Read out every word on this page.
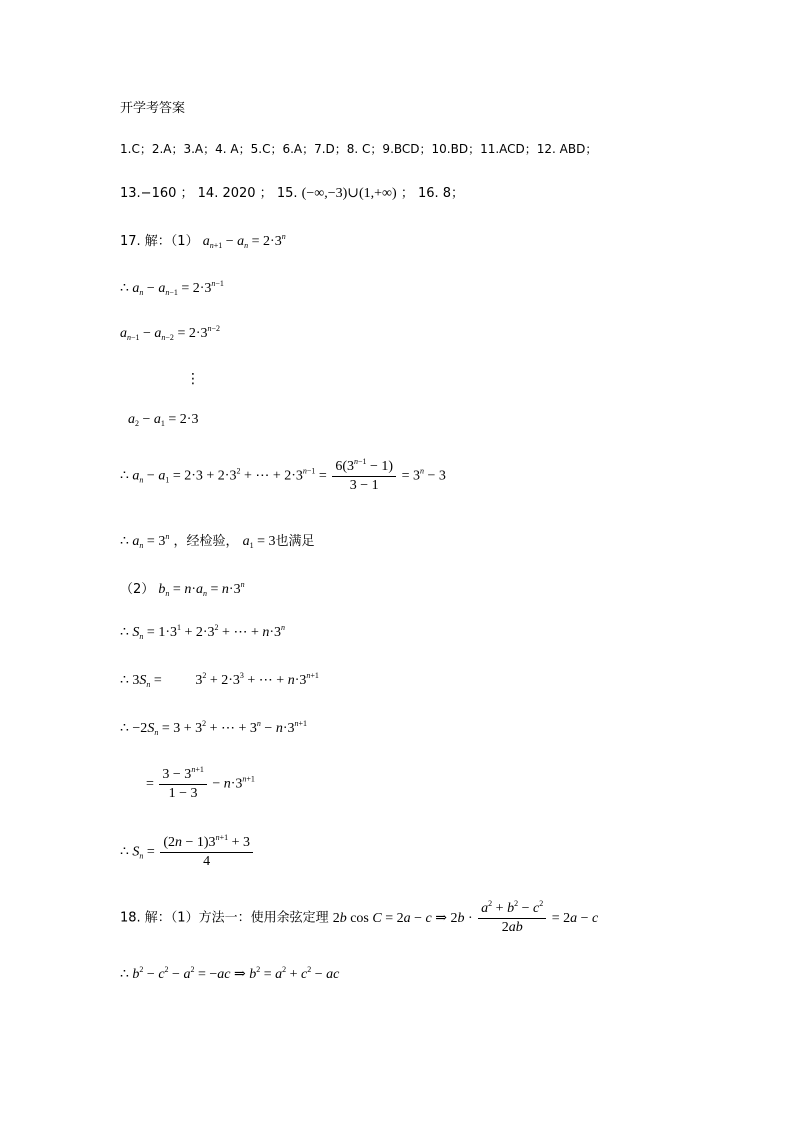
开学考答案
1.C；2.A；3.A；4. A；5.C；6.A；7.D；8. C；9.BCD；10.BD；11.ACD；12. ABD；
13.−160 ； 14. 2020 ； 15. (−∞,−3)∪(1,+∞) ； 16. 8；
17. 解：（1） $a_{n+1} - a_n = 2\cdot 3^n$
∴ $a_n - a_{n-1} = 2\cdot 3^{n-1}$
$a_{n-1} - a_{n-2} = 2\cdot 3^{n-2}$
⋮
$a_2 - a_1 = 2\cdot 3$
∴ $a_n - a_1 = 2\cdot 3 + 2\cdot 3^2$ + ⋯ + $2\cdot 3^{n-1} = \frac{6(3^{n-1} - 1)}{3 - 1} = 3^n - 3$
∴ $a_n = 3^n$ ，经检验， $a_1 = 3$也满足
（2） $b_n = n\cdot a_n = n\cdot 3^n$
∴ $S_n = 1\cdot 3^1 + 2\cdot 3^2$ + ⋯ + $n\cdot 3^n$
∴ $3S_n = 3^2 + 2\cdot 3^3$ + ⋯ + $n\cdot 3^{n+1}$
∴ $-2S_n = 3 + 3^2$ + ⋯ + $3^n - n\cdot 3^{n+1}$
= $\frac{3 - 3^{n+1}}{1 - 3} - n\cdot 3^{n+1}$
∴ $S_n = \frac{(2n - 1)3^{n+1} + 3}{4}$
18. 解：（1）方法一：使用余弦定理 2b cos C = 2a − c ⇒ $2b \cdot \frac{a^2 + b^2 - c^2}{2ab} = 2a - c$
∴ $b^2 - c^2 - a^2 = -ac$ ⇒ $b^2 = a^2 + c^2$ − ac
